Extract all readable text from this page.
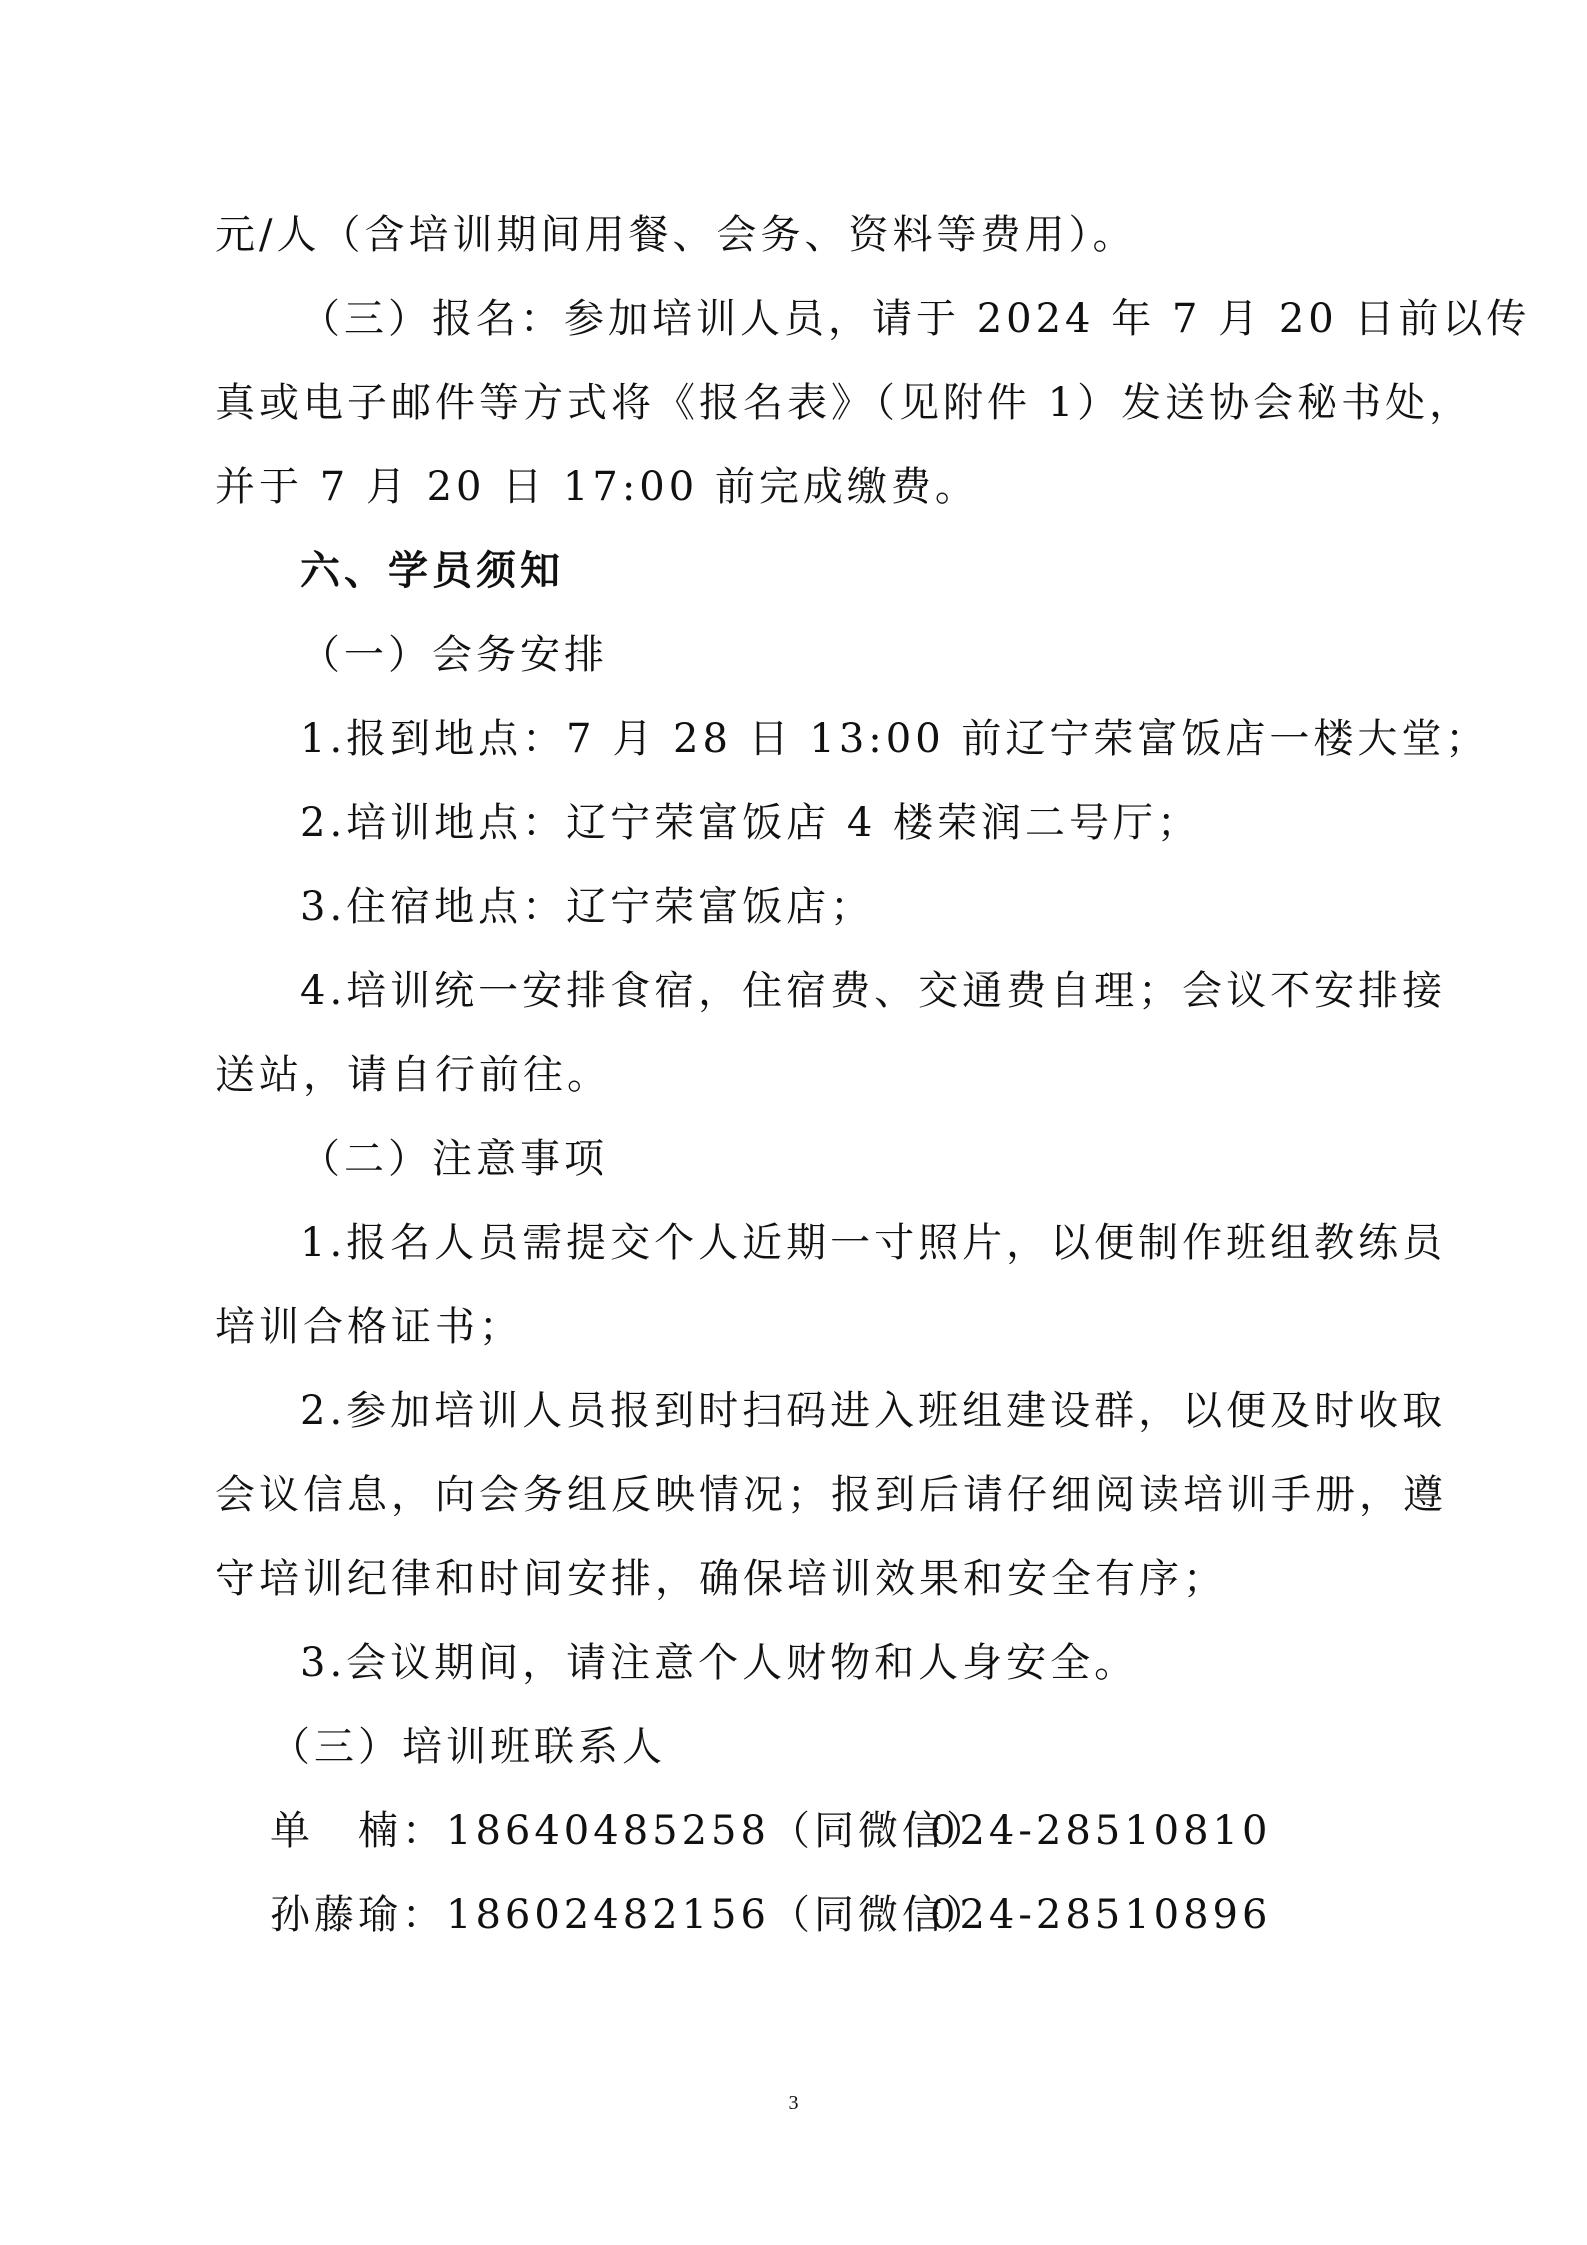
元/人（含培训期间用餐、会务、资料等费用）。
（三）报名：参加培训人员，请于 2024 年 7 月 20 日前以传
真或电子邮件等方式将《报名表》（见附件 1）发送协会秘书处，
并于 7 月 20 日 17:00 前完成缴费。
六、学员须知
（一）会务安排
1.报到地点：7 月 28 日 13:00 前辽宁荣富饭店一楼大堂；
2.培训地点：辽宁荣富饭店 4 楼荣润二号厅；
3.住宿地点：辽宁荣富饭店；
4.培训统一安排食宿，住宿费、交通费自理；会议不安排接
送站，请自行前往。
（二）注意事项
1.报名人员需提交个人近期一寸照片，以便制作班组教练员
培训合格证书；
2.参加培训人员报到时扫码进入班组建设群，以便及时收取
会议信息，向会务组反映情况；报到后请仔细阅读培训手册，遵
守培训纪律和时间安排，确保培训效果和安全有序；
3.会议期间，请注意个人财物和人身安全。
（三）培训班联系人
单　楠：18640485258（同微信）
024-28510810
孙藤瑜：18602482156（同微信）
024-28510896
3
